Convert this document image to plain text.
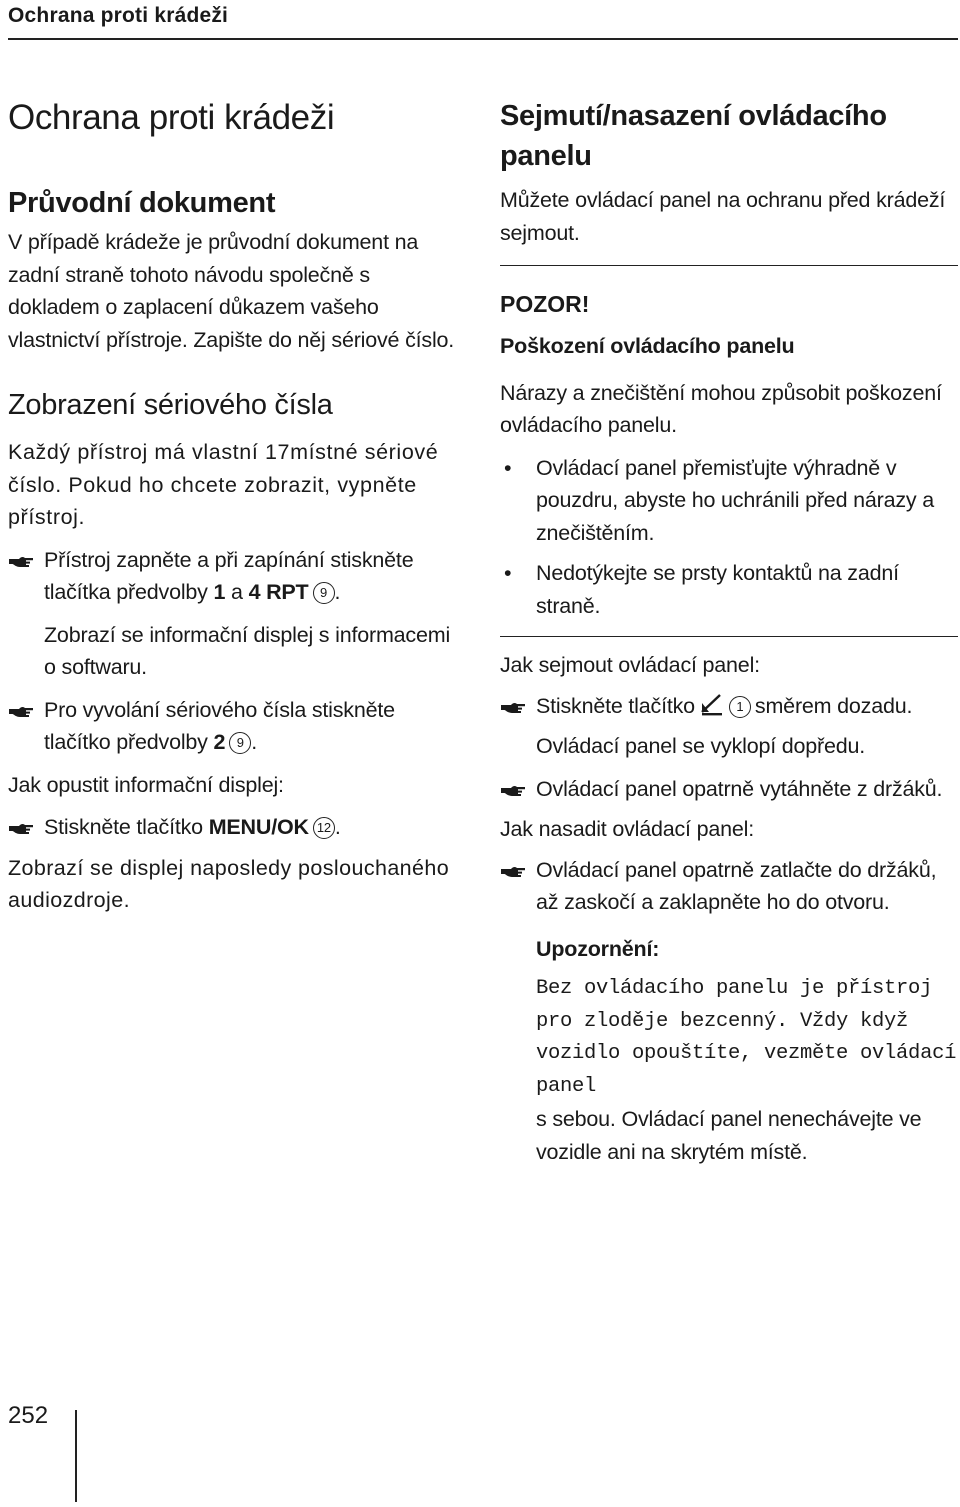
Ochrana proti krádeži
Ochrana proti krádeži
Průvodní dokument

V případě krádeže je průvodní dokument na zadní straně tohoto návodu společně s dokladem o zaplacení důkazem vašeho vlastnictví přístroje. Zapište do něj sériové číslo.

Zobrazení sériového čísla

Každý přístroj má vlastní 17místné sériové číslo. Pokud ho chcete zobrazit, vypněte přístroj.

Přístroj zapněte a při zapínání stiskněte tlačítka předvolby 1 a 4 RPT 9 .

Zobrazí se informační displej s informacemi o softwaru.

Pro vyvolání sériového čísla stiskněte tlačítko předvolby 2 9 .

Jak opustit informační displej:

Stiskněte tlačítko MENU/OK 12 .

Zobrazí se displej naposledy poslouchaného audiozdroje.

Sejmutí/nasazení ovládacího panelu

Můžete ovládací panel na ochranu před krádeží sejmout.

POZOR!

Poškození ovládacího panelu

Nárazy a znečištění mohou způsobit poškození ovládacího panelu.

• Ovládací panel přemisťujte výhradně v pouzdru, abyste ho uchránili před nárazy a znečištěním.

• Nedotýkejte se prsty kontaktů na zadní straně.

Jak sejmout ovládací panel:

Stiskněte tlačítko	1 směrem dozadu.

Ovládací panel se vyklopí dopředu.

Ovládací panel opatrně vytáhněte z držáků.

Jak nasadit ovládací panel:

Ovládací panel opatrně zatlačte do držáků, až zaskočí a zaklapněte ho do otvoru.

Upozornění:

Bez ovládacího panelu je přístroj pro zloděje bezcenný. Vždy když vozidlo opouštíte, vezměte ovládací panel

s sebou. Ovládací panel nenechávejte ve vozidle ani na skrytém místě.

252
